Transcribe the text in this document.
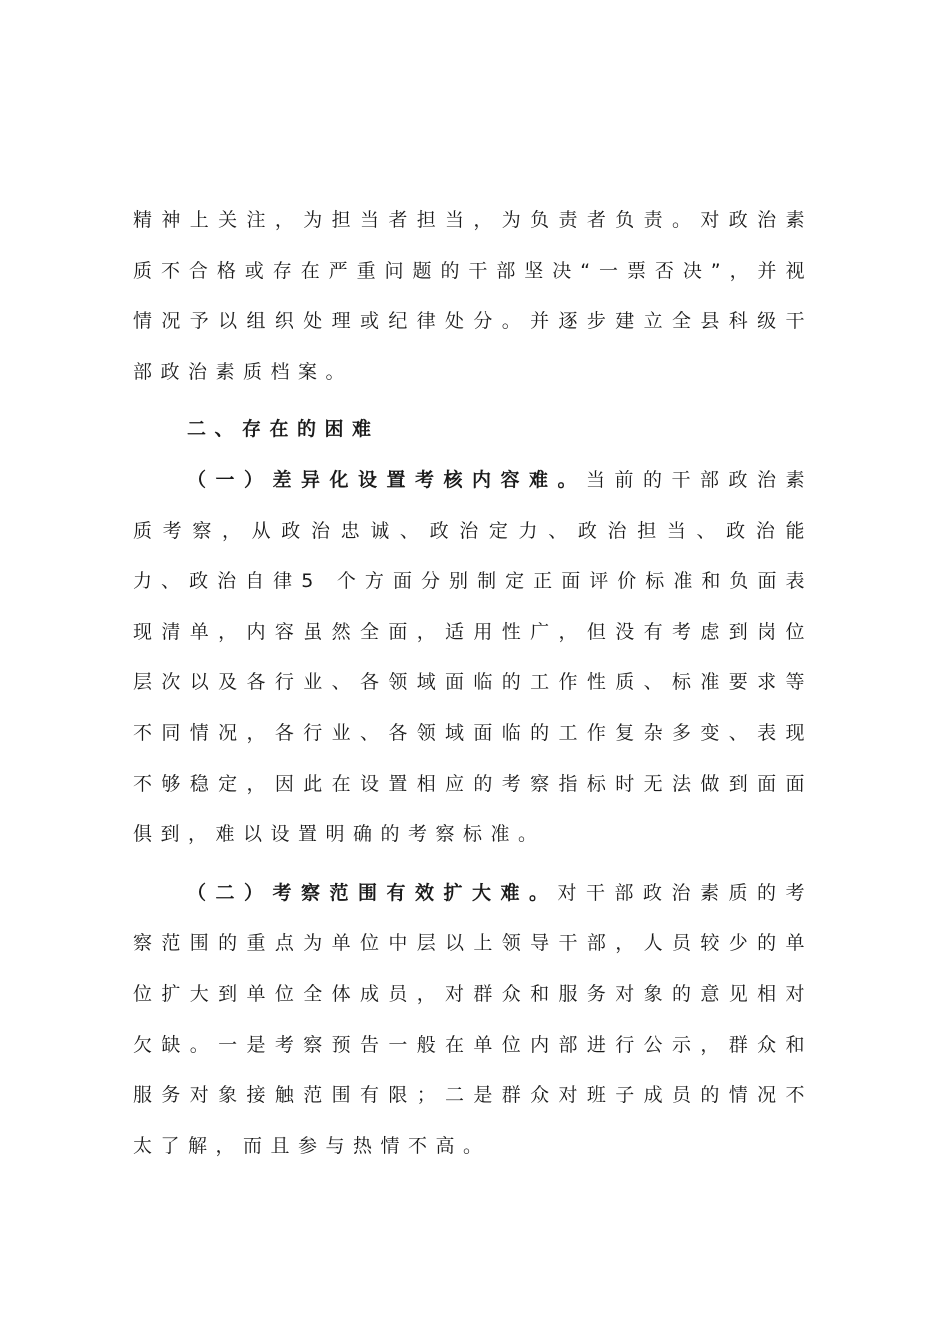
精神上关注，为担当者担当，为负责者负责。对政治素质不合格或存在严重问题的干部坚决“一票否决”，并视情况予以组织处理或纪律处分。并逐步建立全县科级干部政治素质档案。

二、存在的困难

（一）差异化设置考核内容难。当前的干部政治素质考察，从政治忠诚、政治定力、政治担当、政治能力、政治自律5 个方面分别制定正面评价标准和负面表现清单，内容虽然全面，适用性广，但没有考虑到岗位层次以及各行业、各领域面临的工作性质、标准要求等不同情况，各行业、各领域面临的工作复杂多变、表现不够稳定，因此在设置相应的考察指标时无法做到面面俱到，难以设置明确的考察标准。

（二）考察范围有效扩大难。对干部政治素质的考察范围的重点为单位中层以上领导干部，人员较少的单位扩大到单位全体成员，对群众和服务对象的意见相对欠缺。一是考察预告一般在单位内部进行公示，群众和服务对象接触范围有限；二是群众对班子成员的情况不太了解，而且参与热情不高。
